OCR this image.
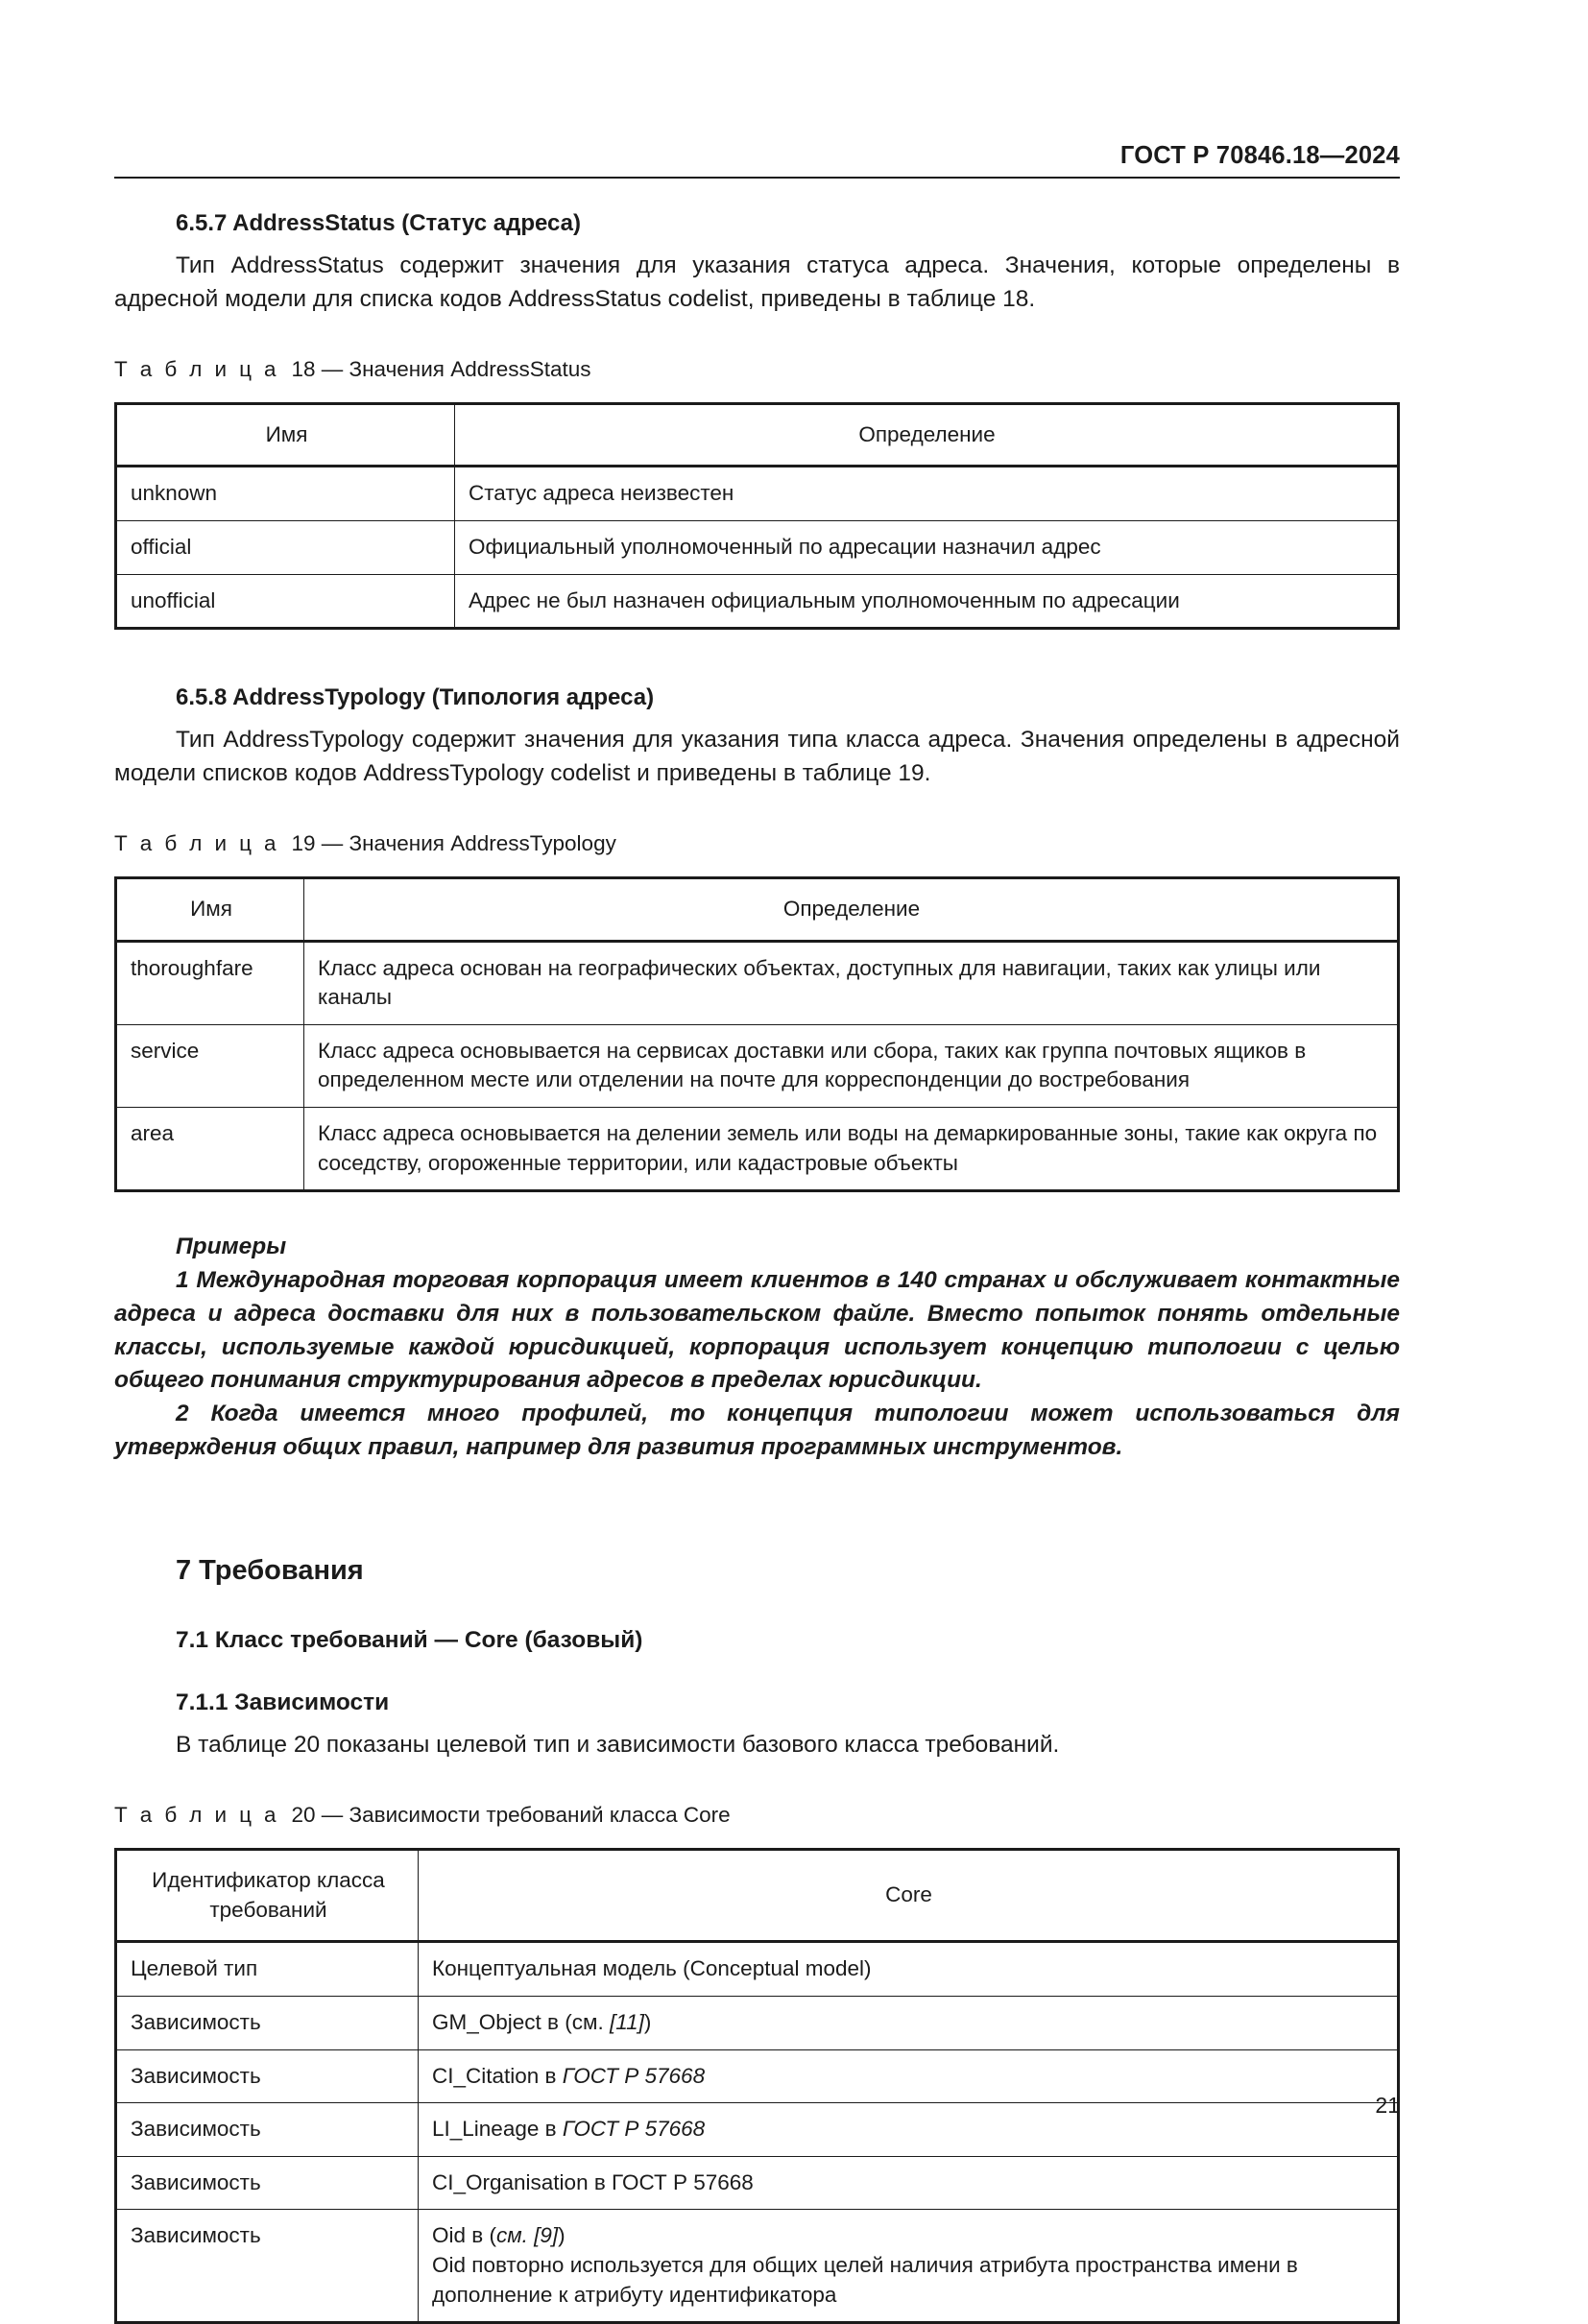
ГОСТ Р 70846.18—2024
6.5.7 AddressStatus (Статус адреса)

Тип AddressStatus содержит значения для указания статуса адреса. Значения, которые определены в адресной модели для списка кодов AddressStatus codelist, приведены в таблице 18.

Т а б л и ц а 18 — Значения AddressStatus

Имя	Определение
unknown	Статус адреса неизвестен
official	Официальный уполномоченный по адресации назначил адрес
unofficial	Адрес не был назначен официальным уполномоченным по адресации
6.5.8 AddressTypology (Типология адреса)

Тип AddressTypology содержит значения для указания типа класса адреса. Значения определены в адресной модели списков кодов AddressTypology codelist и приведены в таблице 19.

Т а б л и ц а 19 — Значения AddressTypology

Имя	Определение
thoroughfare	Класс адреса основан на географических объектах, доступных для навигации, таких как улицы или каналы
service	Класс адреса основывается на сервисах доставки или сбора, таких как группа почтовых ящиков в определенном месте или отделении на почте для корреспонденции до востребования
area	Класс адреса основывается на делении земель или воды на демаркированные зоны, такие как округа по соседству, огороженные территории, или кадастровые объекты

Примеры

1 Международная торговая корпорация имеет клиентов в 140 странах и обслуживает контактные адреса и адреса доставки для них в пользовательском файле. Вместо попыток понять отдельные классы, используемые каждой юрисдикцией, корпорация использует концепцию типологии с целью общего понимания структурирования адресов в пределах юрисдикции.

2 Когда имеется много профилей, то концепция типологии может использоваться для утверждения общих правил, например для развития программных инструментов.

7 Требования
7.1 Класс требований — Core (базовый)
7.1.1 Зависимости

В таблице 20 показаны целевой тип и зависимости базового класса требований.

Т а б л и ц а 20 — Зависимости требований класса Core

Идентификатор класса требований	Core
Целевой тип	Концептуальная модель (Conceptual model)
Зависимость	GM_Object в (см. [11])
Зависимость	CI_Citation в ГОСТ Р 57668
Зависимость	LI_Lineage в ГОСТ Р 57668
Зависимость	CI_Organisation в ГОСТ Р 57668
Зависимость	Oid в (см. [9])
Oid повторно используется для общих целей наличия атрибута пространства имени в дополнение к атрибуту идентификатора
21
